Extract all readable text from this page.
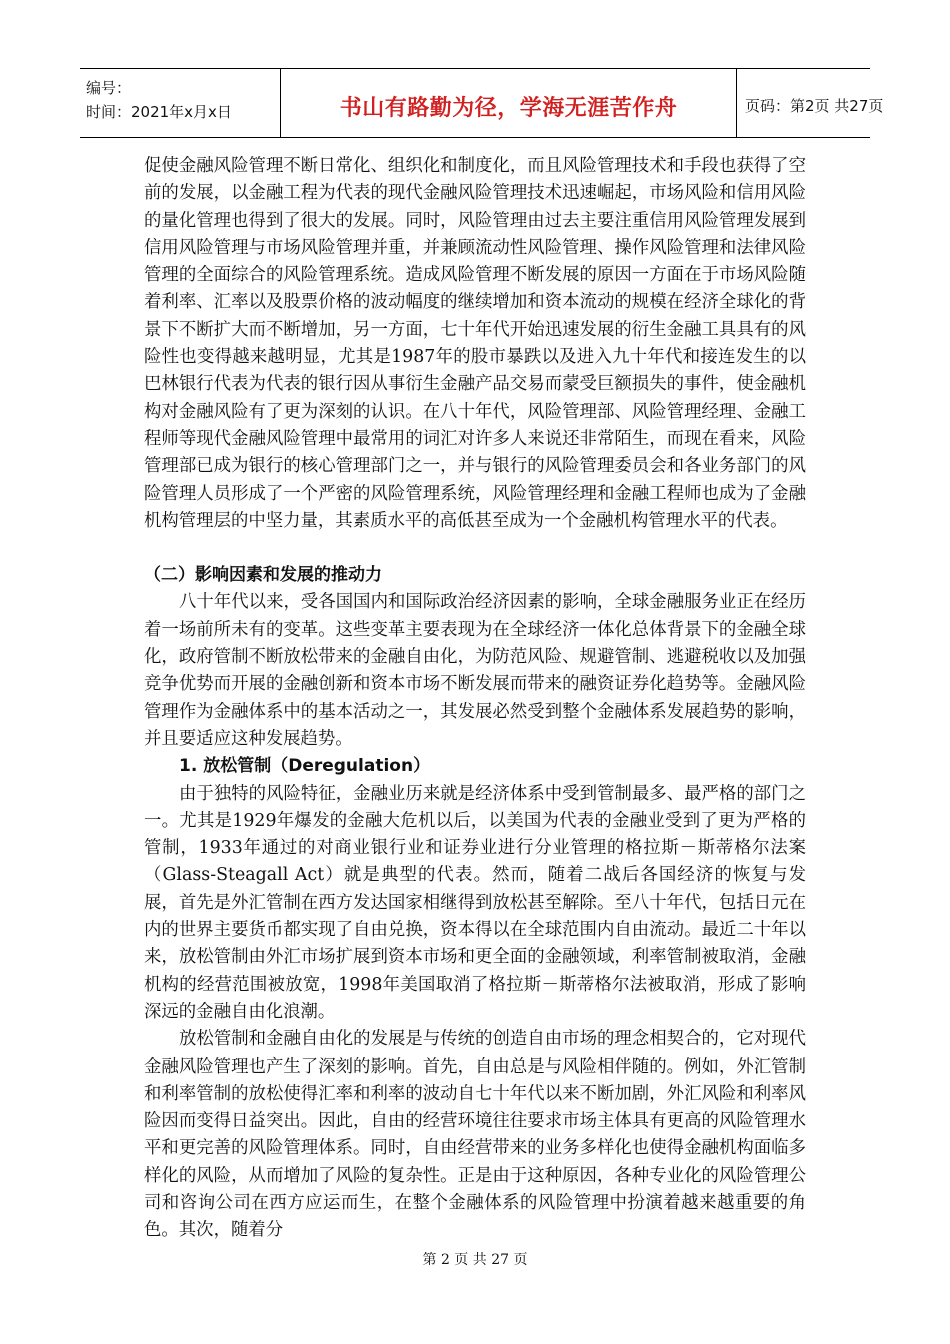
编号：
时间：2021年x月x日	书山有路勤为径，学海无涯苦作舟	页码：第2页 共27页

促使金融风险管理不断日常化、组织化和制度化，而且风险管理技术和手段也获得了空前的发展，以金融工程为代表的现代金融风险管理技术迅速崛起，市场风险和信用风险的量化管理也得到了很大的发展。同时，风险管理由过去主要注重信用风险管理发展到信用风险管理与市场风险管理并重，并兼顾流动性风险管理、操作风险管理和法律风险管理的全面综合的风险管理系统。造成风险管理不断发展的原因一方面在于市场风险随着利率、汇率以及股票价格的波动幅度的继续增加和资本流动的规模在经济全球化的背景下不断扩大而不断增加，另一方面，七十年代开始迅速发展的衍生金融工具具有的风险性也变得越来越明显，尤其是1987年的股市暴跌以及进入九十年代和接连发生的以巴林银行代表为代表的银行因从事衍生金融产品交易而蒙受巨额损失的事件，使金融机构对金融风险有了更为深刻的认识。在八十年代，风险管理部、风险管理经理、金融工程师等现代金融风险管理中最常用的词汇对许多人来说还非常陌生，而现在看来，风险管理部已成为银行的核心管理部门之一，并与银行的风险管理委员会和各业务部门的风险管理人员形成了一个严密的风险管理系统，风险管理经理和金融工程师也成为了金融机构管理层的中坚力量，其素质水平的高低甚至成为一个金融机构管理水平的代表。

（二）影响因素和发展的推动力

八十年代以来，受各国国内和国际政治经济因素的影响，全球金融服务业正在经历着一场前所未有的变革。这些变革主要表现为在全球经济一体化总体背景下的金融全球化，政府管制不断放松带来的金融自由化，为防范风险、规避管制、逃避税收以及加强竞争优势而开展的金融创新和资本市场不断发展而带来的融资证券化趋势等。金融风险管理作为金融体系中的基本活动之一，其发展必然受到整个金融体系发展趋势的影响，并且要适应这种发展趋势。

1. 放松管制（Deregulation）

由于独特的风险特征，金融业历来就是经济体系中受到管制最多、最严格的部门之一。尤其是1929年爆发的金融大危机以后，以美国为代表的金融业受到了更为严格的管制，1933年通过的对商业银行业和证券业进行分业管理的格拉斯－斯蒂格尔法案（Glass-Steagall Act）就是典型的代表。然而，随着二战后各国经济的恢复与发展，首先是外汇管制在西方发达国家相继得到放松甚至解除。至八十年代，包括日元在内的世界主要货币都实现了自由兑换，资本得以在全球范围内自由流动。最近二十年以来，放松管制由外汇市场扩展到资本市场和更全面的金融领域，利率管制被取消，金融机构的经营范围被放宽，1998年美国取消了格拉斯－斯蒂格尔法被取消，形成了影响深远的金融自由化浪潮。

放松管制和金融自由化的发展是与传统的创造自由市场的理念相契合的，它对现代金融风险管理也产生了深刻的影响。首先，自由总是与风险相伴随的。例如，外汇管制和利率管制的放松使得汇率和利率的波动自七十年代以来不断加剧，外汇风险和利率风险因而变得日益突出。因此，自由的经营环境往往要求市场主体具有更高的风险管理水平和更完善的风险管理体系。同时，自由经营带来的业务多样化也使得金融机构面临多样化的风险，从而增加了风险的复杂性。正是由于这种原因，各种专业化的风险管理公司和咨询公司在西方应运而生，在整个金融体系的风险管理中扮演着越来越重要的角色。其次，随着分

第 2 页 共 27 页
